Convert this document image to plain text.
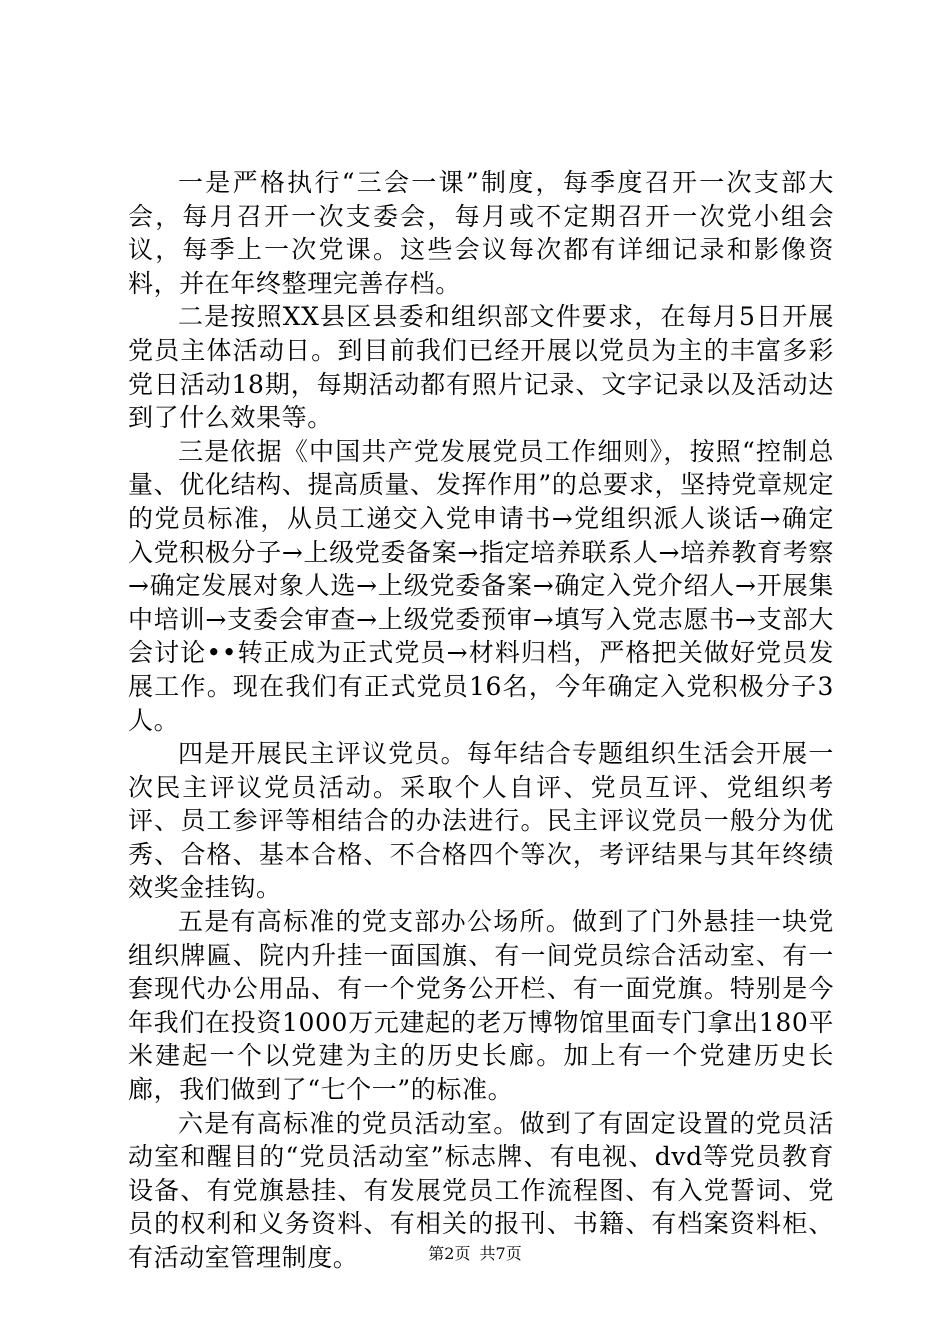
一是严格执行“三会一课”制度，每季度召开一次支部大会，每月召开一次支委会，每月或不定期召开一次党小组会议，每季上一次党课。这些会议每次都有详细记录和影像资料，并在年终整理完善存档。

二是按照XX县区县委和组织部文件要求，在每月5日开展党员主体活动日。到目前我们已经开展以党员为主的丰富多彩党日活动18期，每期活动都有照片记录、文字记录以及活动达到了什么效果等。

三是依据《中国共产党发展党员工作细则》，按照“控制总量、优化结构、提高质量、发挥作用”的总要求，坚持党章规定的党员标准，从员工递交入党申请书→党组织派人谈话→确定入党积极分子→上级党委备案→指定培养联系人→培养教育考察→确定发展对象人选→上级党委备案→确定入党介绍人→开展集中培训→支委会审查→上级党委预审→填写入党志愿书→支部大会讨论••转正成为正式党员→材料归档，严格把关做好党员发展工作。现在我们有正式党员16名，今年确定入党积极分子3人。

四是开展民主评议党员。每年结合专题组织生活会开展一次民主评议党员活动。采取个人自评、党员互评、党组织考评、员工参评等相结合的办法进行。民主评议党员一般分为优秀、合格、基本合格、不合格四个等次，考评结果与其年终绩效奖金挂钩。

五是有高标准的党支部办公场所。做到了门外悬挂一块党组织牌匾、院内升挂一面国旗、有一间党员综合活动室、有一套现代办公用品、有一个党务公开栏、有一面党旗。特别是今年我们在投资1000万元建起的老万博物馆里面专门拿出180平米建起一个以党建为主的历史长廊。加上有一个党建历史长廊，我们做到了“七个一”的标准。

六是有高标准的党员活动室。做到了有固定设置的党员活动室和醒目的“党员活动室”标志牌、有电视、dvd等党员教育设备、有党旗悬挂、有发展党员工作流程图、有入党誓词、党员的权利和义务资料、有相关的报刊、书籍、有档案资料柜、有活动室管理制度。	第2页 共7页
